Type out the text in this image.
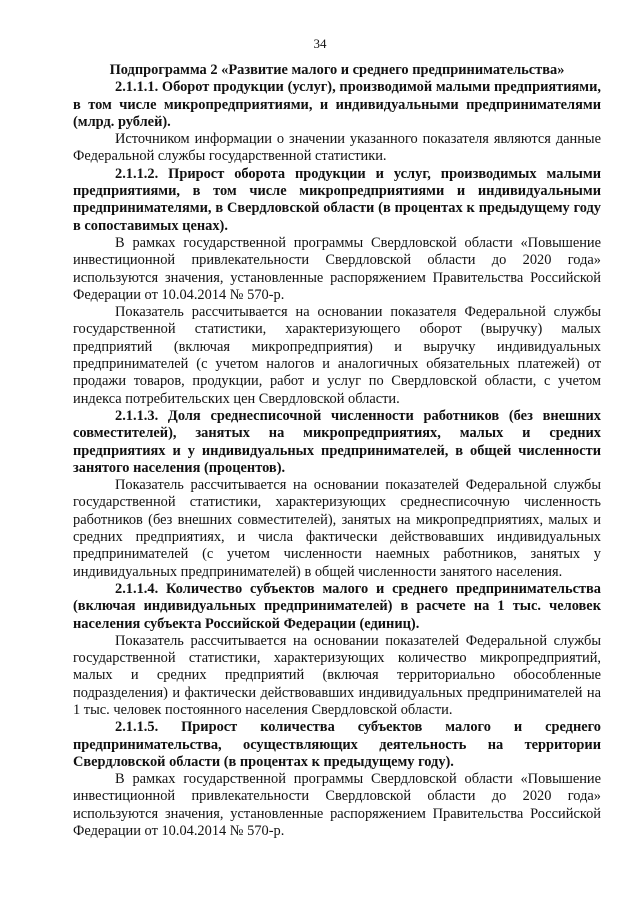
34
Подпрограмма 2 «Развитие малого и среднего предпринимательства»

2.1.1.1. Оборот продукции (услуг), производимой малыми предприятиями, в том числе микропредприятиями, и индивидуальными предпринимателями (млрд. рублей).

Источником информации о значении указанного показателя являются данные Федеральной службы государственной статистики.

2.1.1.2. Прирост оборота продукции и услуг, производимых малыми предприятиями, в том числе микропредприятиями и индивидуальными предпринимателями, в Свердловской области (в процентах к предыдущему году в сопоставимых ценах).

В рамках государственной программы Свердловской области «Повышение инвестиционной привлекательности Свердловской области до 2020 года» используются значения, установленные распоряжением Правительства Российской Федерации от 10.04.2014 № 570-р.

Показатель рассчитывается на основании показателя Федеральной службы государственной статистики, характеризующего оборот (выручку) малых предприятий (включая микропредприятия) и выручку индивидуальных предпринимателей (с учетом налогов и аналогичных обязательных платежей) от продажи товаров, продукции, работ и услуг по Свердловской области, с учетом индекса потребительских цен Свердловской области.

2.1.1.3. Доля среднесписочной численности работников (без внешних совместителей), занятых на микропредприятиях, малых и средних предприятиях и у индивидуальных предпринимателей, в общей численности занятого населения (процентов).

Показатель рассчитывается на основании показателей Федеральной службы государственной статистики, характеризующих среднесписочную численность работников (без внешних совместителей), занятых на микропредприятиях, малых и средних предприятиях, и числа фактически действовавших индивидуальных предпринимателей (с учетом численности наемных работников, занятых у индивидуальных предпринимателей) в общей численности занятого населения.

2.1.1.4. Количество субъектов малого и среднего предпринимательства (включая индивидуальных предпринимателей) в расчете на 1 тыс. человек населения субъекта Российской Федерации (единиц).

Показатель рассчитывается на основании показателей Федеральной службы государственной статистики, характеризующих количество микропредприятий, малых и средних предприятий (включая территориально обособленные подразделения) и фактически действовавших индивидуальных предпринимателей на 1 тыс. человек постоянного населения Свердловской области.

2.1.1.5. Прирост количества субъектов малого и среднего предпринимательства, осуществляющих деятельность на территории Свердловской области (в процентах к предыдущему году).

В рамках государственной программы Свердловской области «Повышение инвестиционной привлекательности Свердловской области до 2020 года» используются значения, установленные распоряжением Правительства Российской Федерации от 10.04.2014 № 570-р.
